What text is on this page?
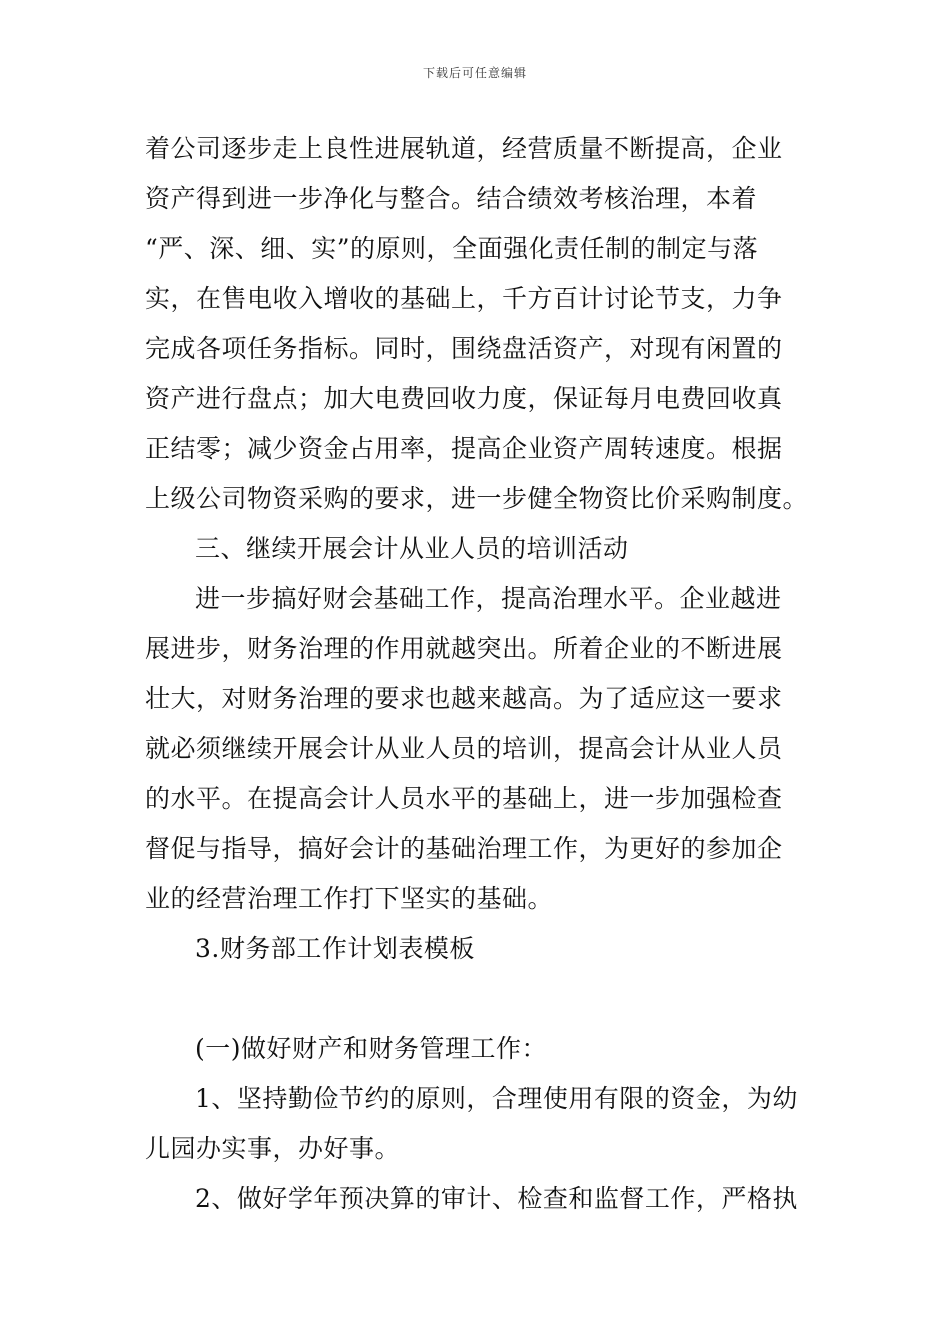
下载后可任意编辑
着公司逐步走上良性进展轨道，经营质量不断提高，企业
资产得到进一步净化与整合。结合绩效考核治理，本着
“严、深、细、实”的原则，全面强化责任制的制定与落
实，在售电收入增收的基础上，千方百计讨论节支，力争
完成各项任务指标。同时，围绕盘活资产，对现有闲置的
资产进行盘点；加大电费回收力度，保证每月电费回收真
正结零；减少资金占用率，提高企业资产周转速度。根据
上级公司物资采购的要求，进一步健全物资比价采购制度。
三、继续开展会计从业人员的培训活动
进一步搞好财会基础工作，提高治理水平。企业越进
展进步，财务治理的作用就越突出。所着企业的不断进展
壮大，对财务治理的要求也越来越高。为了适应这一要求
就必须继续开展会计从业人员的培训，提高会计从业人员
的水平。在提高会计人员水平的基础上，进一步加强检查
督促与指导，搞好会计的基础治理工作，为更好的参加企
业的经营治理工作打下坚实的基础。
3.财务部工作计划表模板
(一)做好财产和财务管理工作：
1、坚持勤俭节约的原则，合理使用有限的资金，为幼
儿园办实事，办好事。
2、做好学年预决算的审计、检查和监督工作，严格执
